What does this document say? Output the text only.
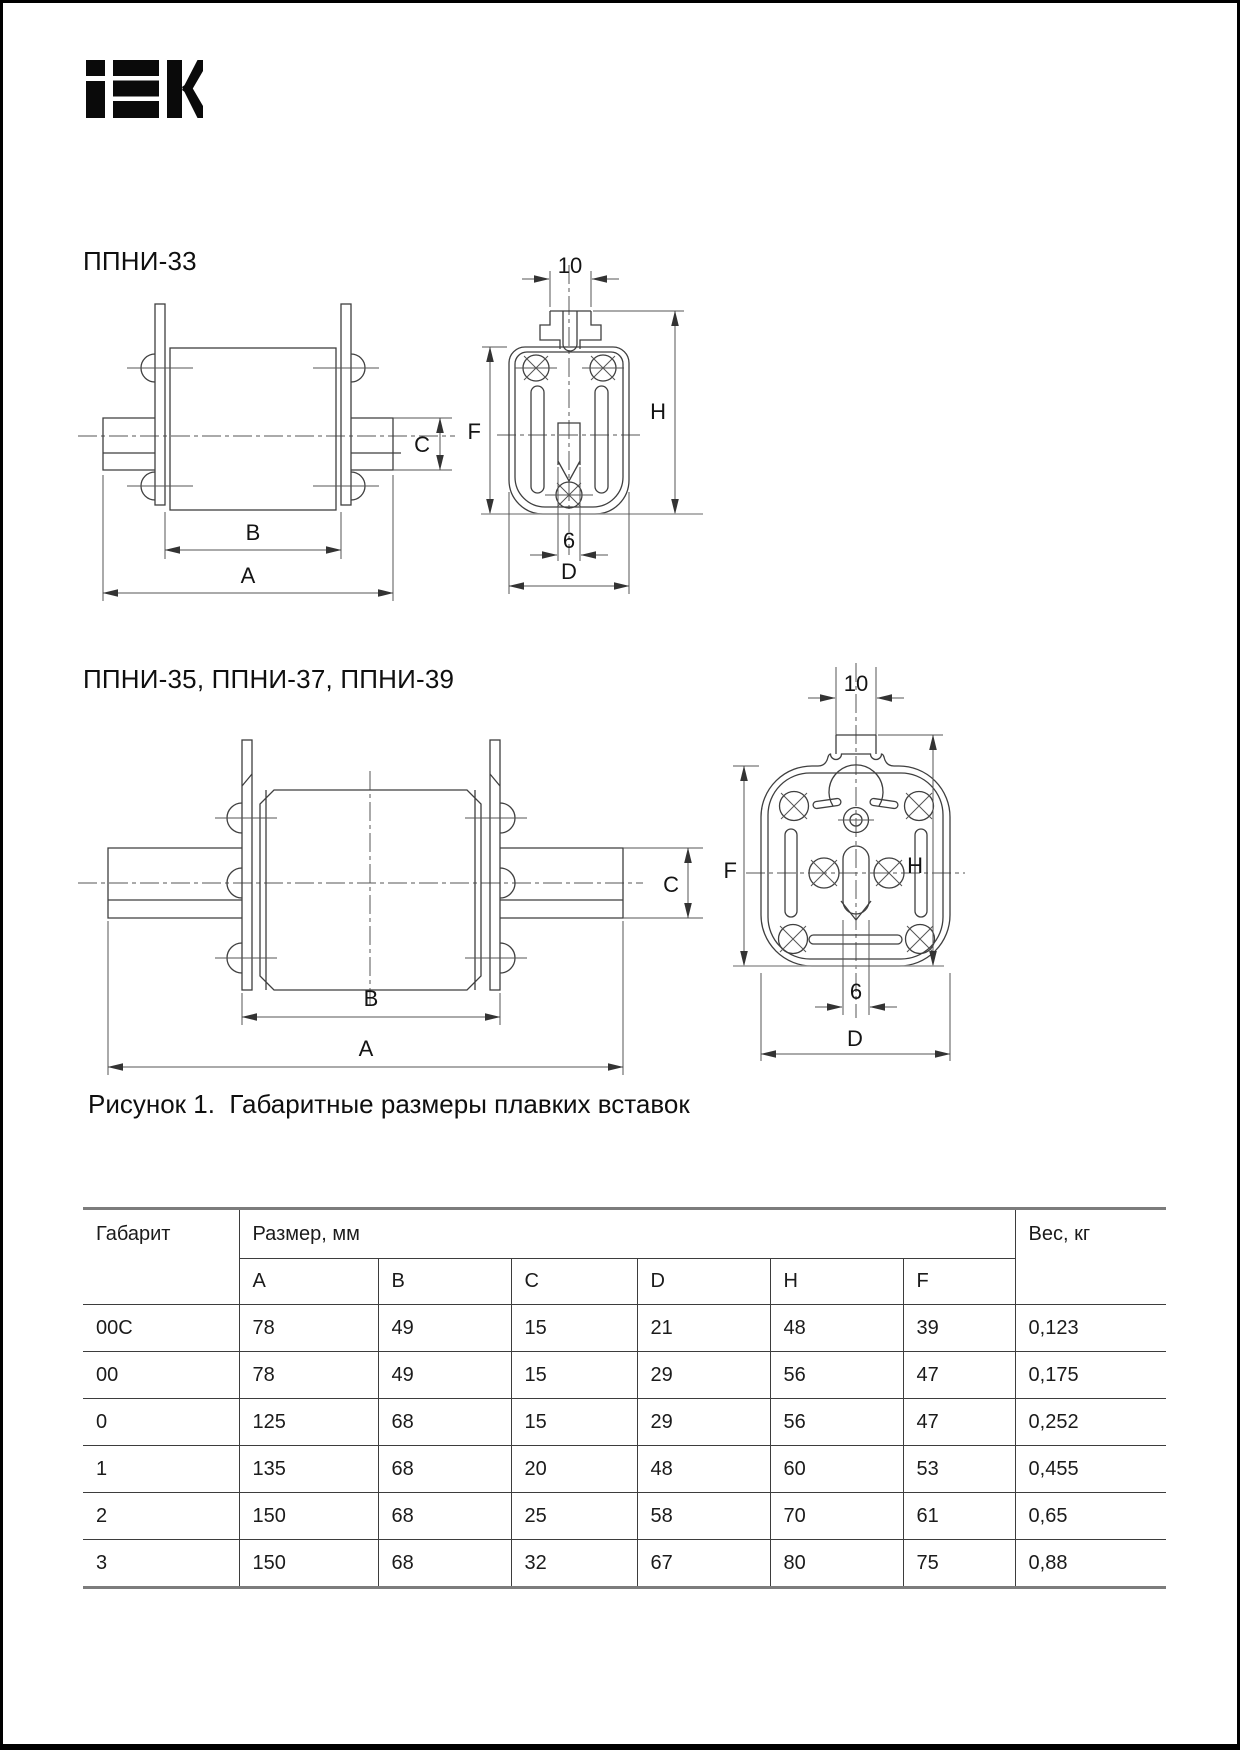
ППНИ-33
ППНИ-35, ППНИ-37, ППНИ-39
C
B
A
10
F
H
6
D
C
B
A
10
F	H
6
D
Рисунок 1.  Габаритные размеры плавких вставок
Габарит	Размер, мм						Вес, кг
	A	B	C	D	H	F	
00C	78	49	15	21	48	39	0,123
00	78	49	15	29	56	47	0,175
0	125	68	15	29	56	47	0,252
1	135	68	20	48	60	53	0,455
2	150	68	25	58	70	61	0,65
3	150	68	32	67	80	75	0,88
